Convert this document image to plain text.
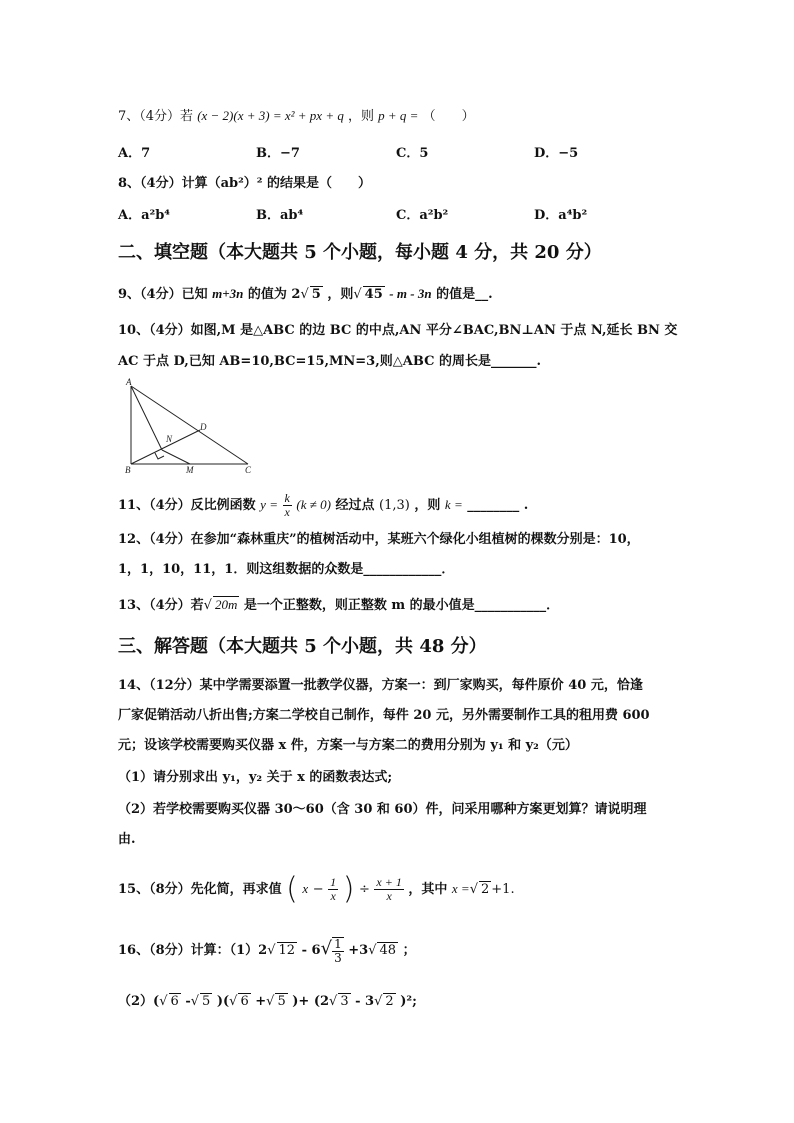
7、（4分）若 (x − 2)(x + 3) = x² + px + q ，则 p + q = （　　）
A．7	B．−7	C．5	D．−5
8、（4分）计算（ab²）² 的结果是（　　）
A．a²b⁴	B．ab⁴	C．a²b²	D．a⁴b²
二、填空题（本大题共 5 个小题，每小题 4 分，共 20 分）
9、（4分）已知 m+3n 的值为 2√ 5 ，则√ 45 - m - 3n 的值是__.
10、（4分）如图,M 是△ABC 的边 BC 的中点,AN 平分∠BAC,BN⊥AN 于点 N,延长 BN 交
AC 于点 D,已知 AB=10,BC=15,MN=3,则△ABC 的周长是_______.
A
B	C
D
N
M
11、（4分）反比例函数 $y = \frac{k}{x} (k \ne 0)$ 经过点 (1,3) ，则 k = ________ .
12、（4分）在参加“森林重庆”的植树活动中，某班六个绿化小组植树的棵数分别是：10，
1，1，10，11，1．则这组数据的众数是____________．
13、（4分）若√ 20m 是一个正整数，则正整数 m 的最小值是___________．
三、解答题（本大题共 5 个小题，共 48 分）
14、（12分）某中学需要添置一批教学仪器，方案一：到厂家购买，每件原价 40 元，恰逢
厂家促销活动八折出售;方案二学校自己制作，每件 20 元，另外需要制作工具的租用费 600
元；设该学校需要购买仪器 x 件，方案一与方案二的费用分别为 y₁ 和 y₂（元）
（1）请分别求出 y₁，y₂ 关于 x 的函数表达式;
（2）若学校需要购买仪器 30～60（含 30 和 60）件，问采用哪种方案更划算？请说明理
由.
15、（8分）先化简，再求值 ( $x - \frac{1}{x}$ ) ÷ $\frac{x + 1}{x}$ ，其中 x =√ 2 +1.
16、（8分）计算：（1）2√ $12 - 6√ \frac{1}{3} +3√$ 48 ；
（2）(√ 6 -√ 5 )(√ 6 +√ 5 )+ (2√ 3 - 3√ 2 )²;
